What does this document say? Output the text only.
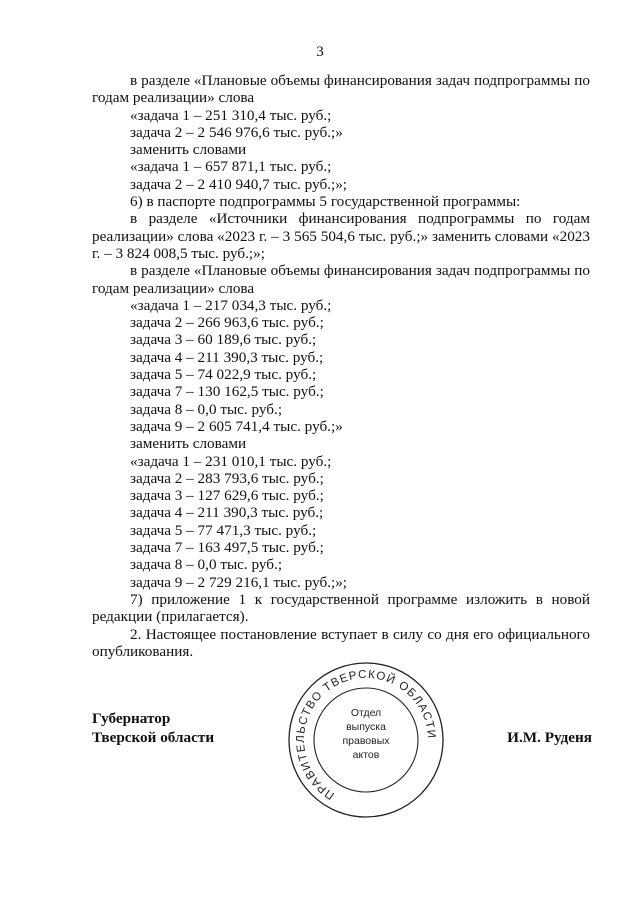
3

в разделе «Плановые объемы финансирования задач подпрограммы по годам реализации» слова

«задача 1 – 251 310,4 тыс. руб.;

задача 2 – 2 546 976,6 тыс. руб.;»

заменить словами

«задача 1 – 657 871,1 тыс. руб.;

задача 2 – 2 410 940,7 тыс. руб.;»;

6) в паспорте подпрограммы 5 государственной программы:

в разделе «Источники финансирования подпрограммы по годам реализации» слова «2023 г. – 3 565 504,6 тыс. руб.;» заменить словами «2023 г. – 3 824 008,5 тыс. руб.;»;

в разделе «Плановые объемы финансирования задач подпрограммы по годам реализации» слова

«задача 1 – 217 034,3 тыс. руб.;

задача 2 – 266 963,6 тыс. руб.;

задача 3 – 60 189,6 тыс. руб.;

задача 4 – 211 390,3 тыс. руб.;

задача 5 – 74 022,9 тыс. руб.;

задача 7 – 130 162,5 тыс. руб.;

задача 8 – 0,0 тыс. руб.;

задача 9 – 2 605 741,4 тыс. руб.;»

заменить словами

«задача 1 – 231 010,1 тыс. руб.;

задача 2 – 283 793,6 тыс. руб.;

задача 3 – 127 629,6 тыс. руб.;

задача 4 – 211 390,3 тыс. руб.;

задача 5 – 77 471,3 тыс. руб.;

задача 7 – 163 497,5 тыс. руб.;

задача 8 – 0,0 тыс. руб.;

задача 9 – 2 729 216,1 тыс. руб.;»;

7) приложение 1 к государственной программе изложить в новой редакции (прилагается).

2. Настоящее постановление вступает в силу со дня его официального опубликования.

Губернатор
Тверской области
ПРАВИТЕЛЬСТВО ТВЕРСКОЙ ОБЛАСТИ
Отдел
выпуска
правовых
актов
И.М. Руденя
